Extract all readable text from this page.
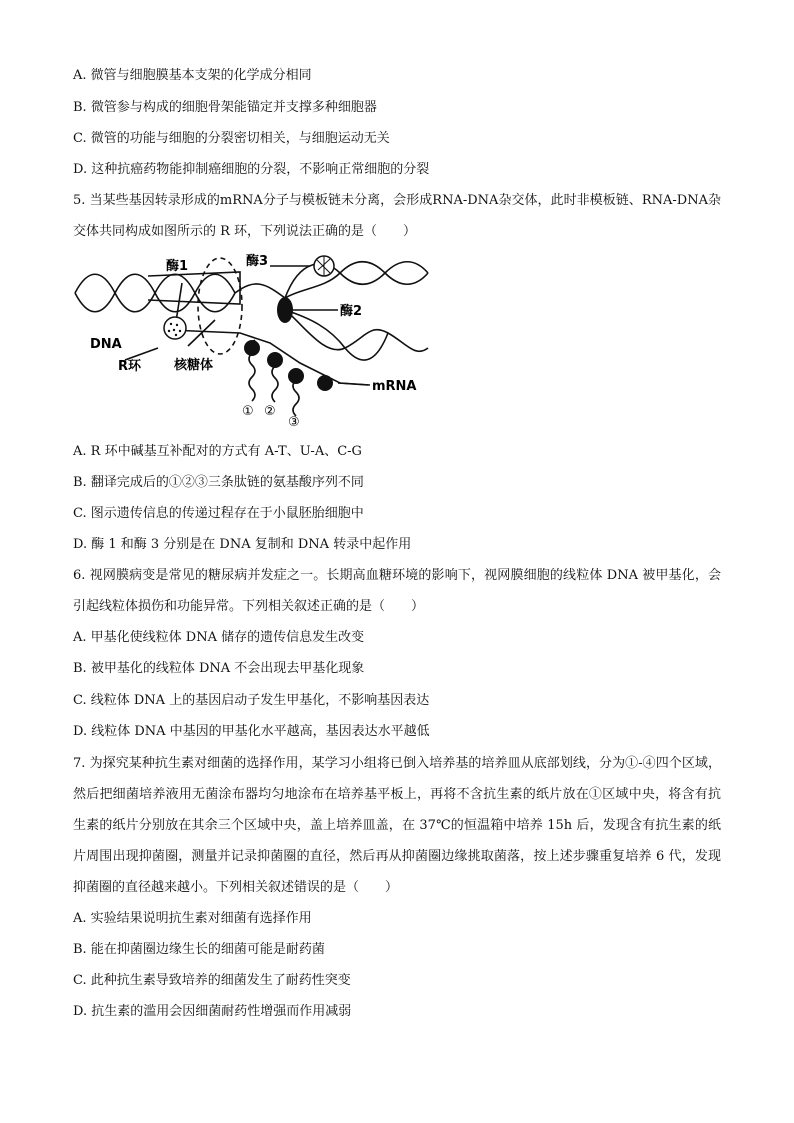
A. 微管与细胞膜基本支架的化学成分相同
B. 微管参与构成的细胞骨架能锚定并支撑多种细胞器
C. 微管的功能与细胞的分裂密切相关，与细胞运动无关
D. 这种抗癌药物能抑制癌细胞的分裂，不影响正常细胞的分裂

5. 当某些基因转录形成的mRNA分子与模板链未分离，会形成RNA-DNA杂交体，此时非模板链、RNA-DNA杂交体共同构成如图所示的 R 环，下列说法正确的是（　　）

酶1	酶3
酶2
DNA
R环	核糖体
mRNA
① ②
③
A. R 环中碱基互补配对的方式有 A-T、U-A、C-G
B. 翻译完成后的①②③三条肽链的氨基酸序列不同
C. 图示遗传信息的传递过程存在于小鼠胚胎细胞中
D. 酶 1 和酶 3 分别是在 DNA 复制和 DNA 转录中起作用

6. 视网膜病变是常见的糖尿病并发症之一。长期高血糖环境的影响下，视网膜细胞的线粒体 DNA 被甲基化，会引起线粒体损伤和功能异常。下列相关叙述正确的是（　　）

A. 甲基化使线粒体 DNA 储存的遗传信息发生改变
B. 被甲基化的线粒体 DNA 不会出现去甲基化现象
C. 线粒体 DNA 上的基因启动子发生甲基化，不影响基因表达
D. 线粒体 DNA 中基因的甲基化水平越高，基因表达水平越低

7. 为探究某种抗生素对细菌的选择作用，某学习小组将已倒入培养基的培养皿从底部划线，分为①-④四个区域，然后把细菌培养液用无菌涂布器均匀地涂布在培养基平板上，再将不含抗生素的纸片放在①区域中央，将含有抗生素的纸片分别放在其余三个区域中央，盖上培养皿盖，在 37℃的恒温箱中培养 15h 后，发现含有抗生素的纸片周围出现抑菌圈，测量并记录抑菌圈的直径，然后再从抑菌圈边缘挑取菌落，按上述步骤重复培养 6 代，发现抑菌圈的直径越来越小。下列相关叙述错误的是（　　）

A. 实验结果说明抗生素对细菌有选择作用
B. 能在抑菌圈边缘生长的细菌可能是耐药菌
C. 此种抗生素导致培养的细菌发生了耐药性突变
D. 抗生素的滥用会因细菌耐药性增强而作用减弱
